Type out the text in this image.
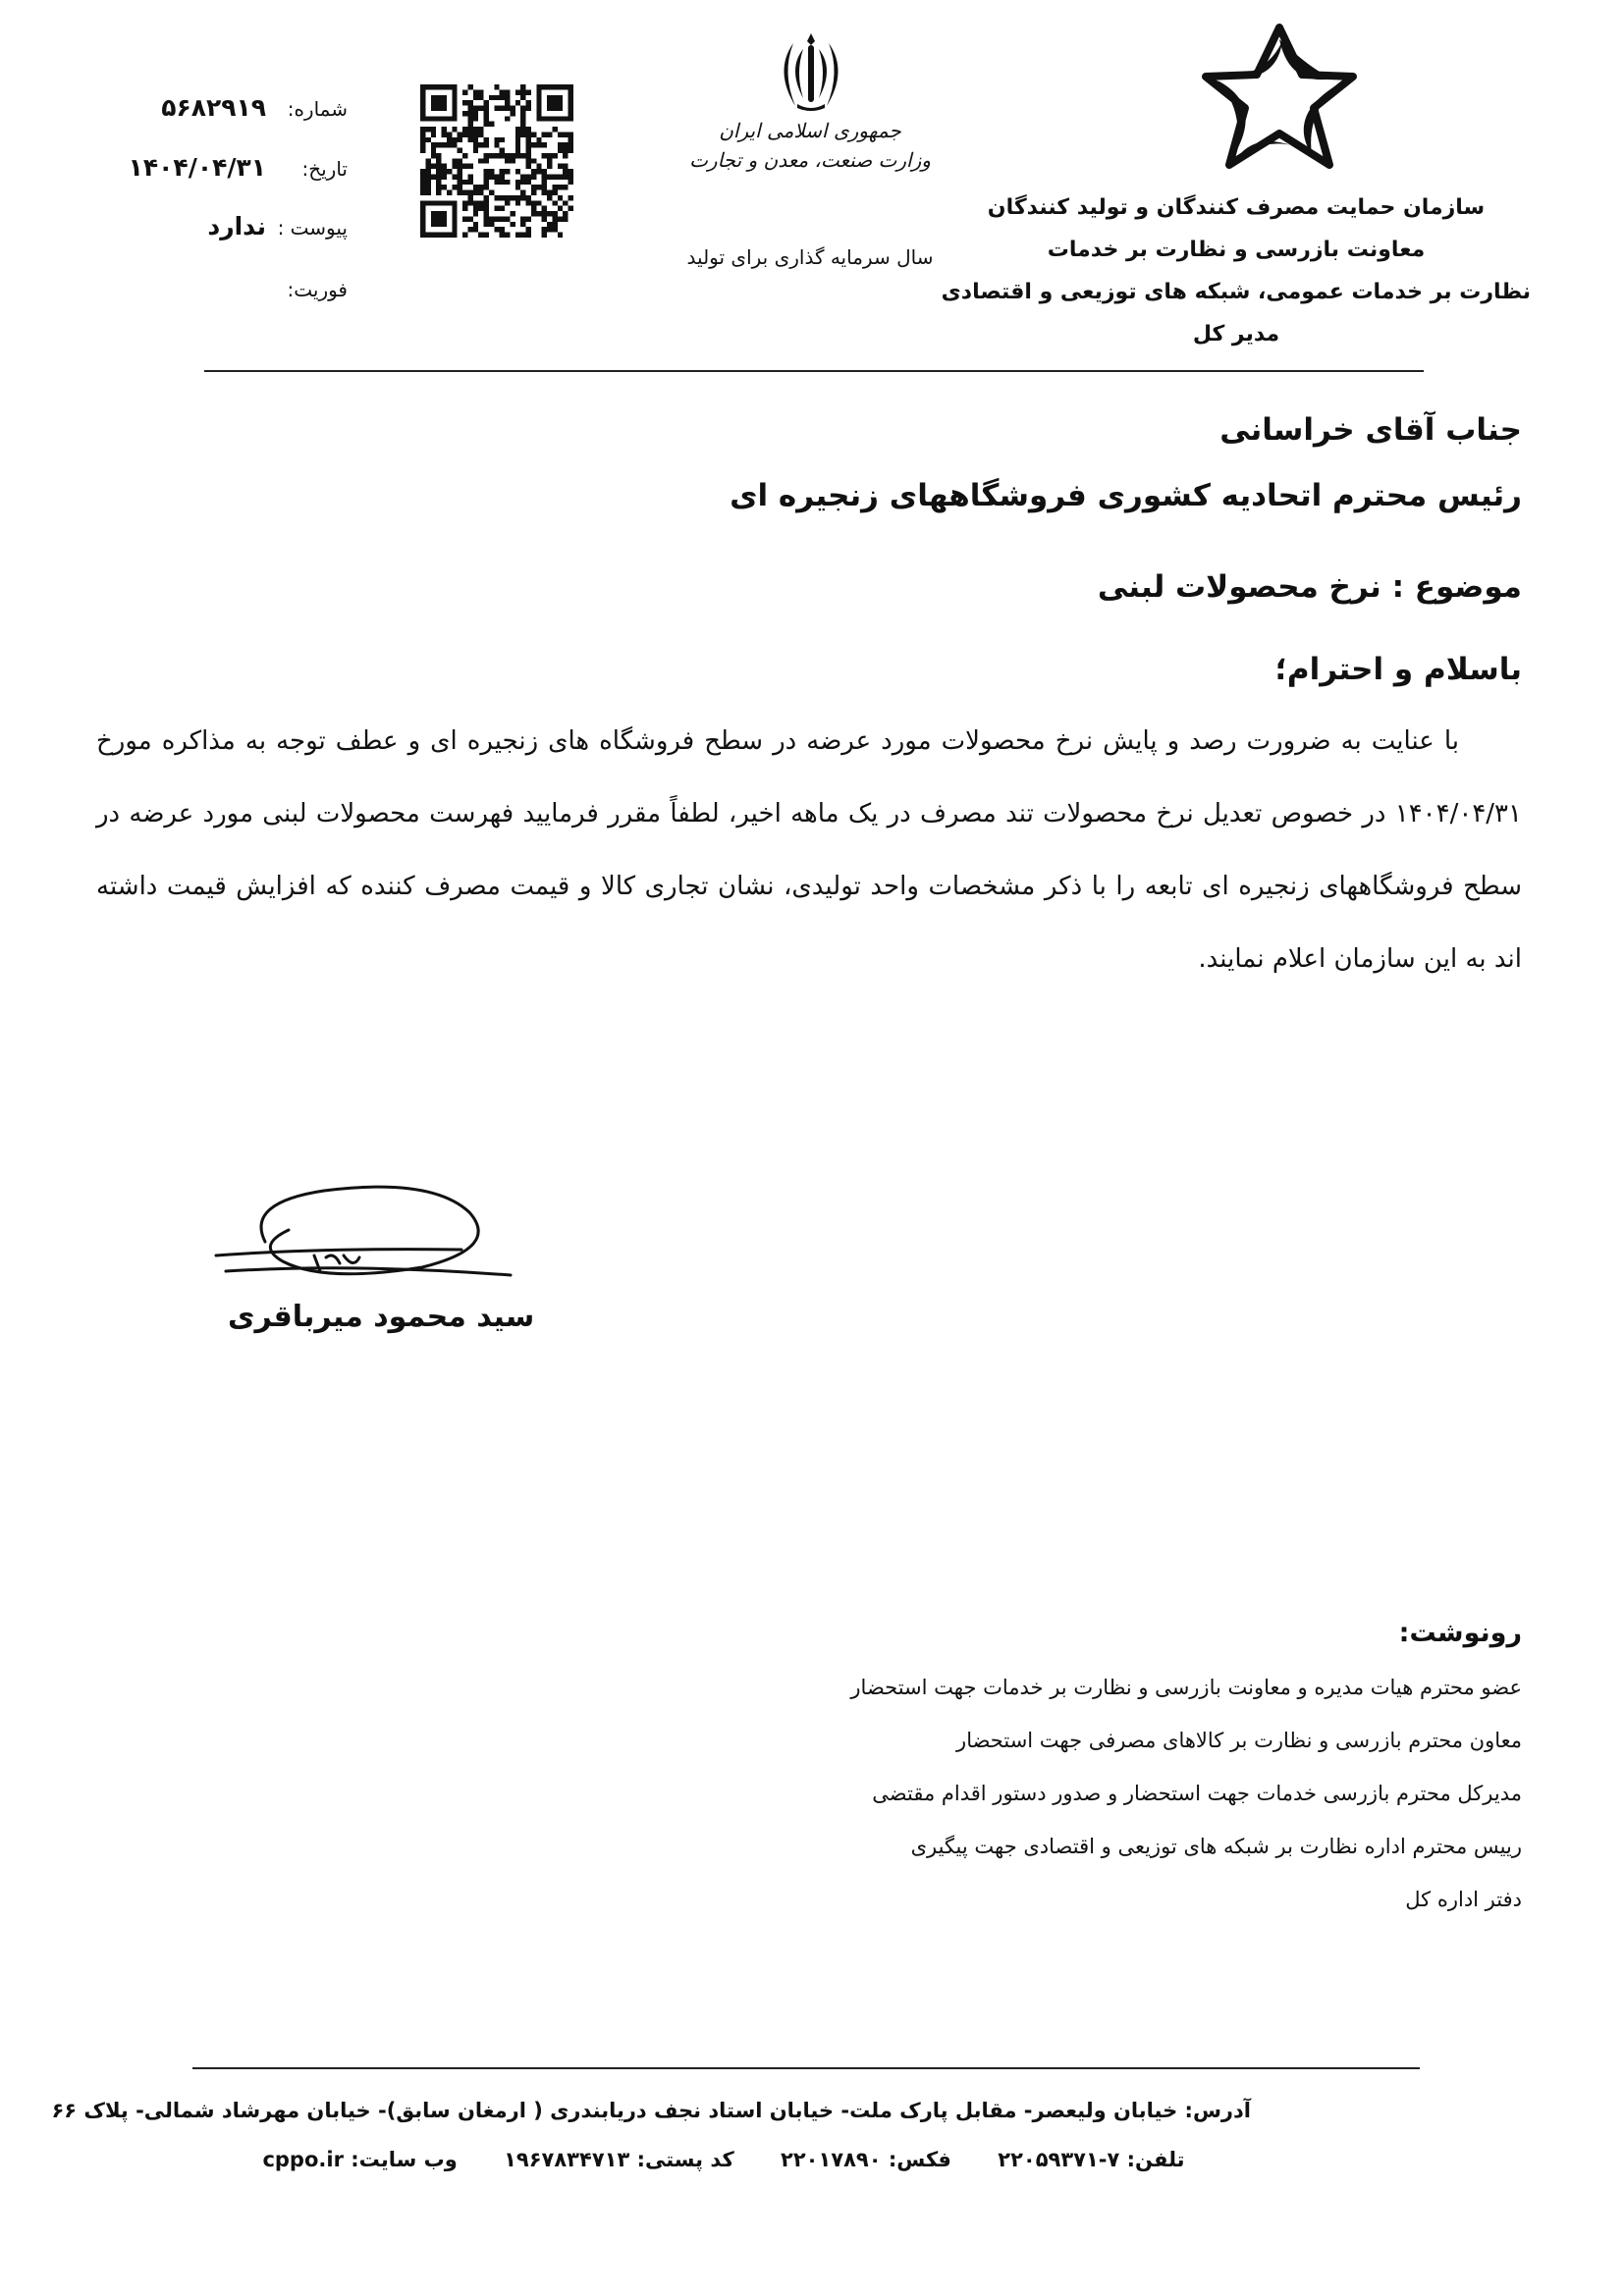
سازمان حمایت مصرف کنندگان و تولید کنندگان
معاونت بازرسی و نظارت بر خدمات
نظارت بر خدمات عمومی، شبکه های توزیعی و اقتصادی
مدیر کل
جمهوری اسلامی ایران
وزارت صنعت، معدن و تجارت
سال سرمایه گذاری برای تولید
شماره:
۵۶۸۲۹۱۹
تاریخ:
۱۴۰۴/۰۴/۳۱
پیوست :
ندارد
فوریت:
جناب آقای خراسانی
رئیس محترم اتحادیه کشوری فروشگاههای زنجیره ای
موضوع : نرخ محصولات لبنی
باسلام و احترام؛
با عنایت به ضرورت رصد و پایش نرخ محصولات مورد عرضه در سطح فروشگاه های زنجیره ای و عطف توجه به مذاکره مورخ ۱۴۰۴/۰۴/۳۱ در خصوص تعدیل نرخ محصولات تند مصرف در یک ماهه اخیر، لطفاً مقرر فرمایید فهرست محصولات لبنی مورد عرضه در سطح فروشگاههای زنجیره ای تابعه را با ذکر مشخصات واحد تولیدی، نشان تجاری کالا و قیمت مصرف کننده که افزایش قیمت داشته اند به این سازمان اعلام نمایند.
سید محمود میرباقری
رونوشت:
عضو محترم هیات مدیره و معاونت بازرسی و نظارت بر خدمات جهت استحضار
معاون محترم بازرسی و نظارت بر کالاهای مصرفی جهت استحضار
مدیرکل محترم بازرسی خدمات جهت استحضار و صدور دستور اقدام مقتضی
رییس محترم اداره نظارت بر شبکه های توزیعی و اقتصادی جهت پیگیری
دفتر اداره کل
آدرس: خیابان ولیعصر- مقابل پارک ملت- خیابان استاد نجف دریابندری ( ارمغان سابق)- خیابان مهرشاد شمالی- پلاک ۶۶
تلفن: ۷-۲۲۰۵۹۳۷۱ فکس: ۲۲۰۱۷۸۹۰ کد پستی: ۱۹۶۷۸۳۴۷۱۳ وب سایت: cppo.ir
